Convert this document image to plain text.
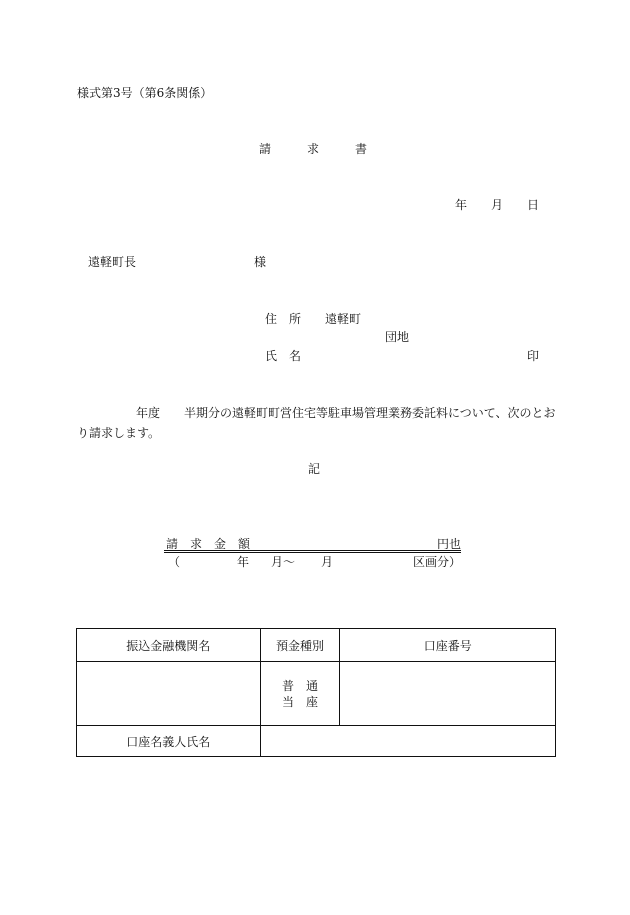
様式第3号（第6条関係）
請　　　求　　　書
年　　月　　日
遠軽町長	様
住　所 遠軽町
団地
氏　名	印
年度　　半期分の遠軽町町営住宅等駐車場管理業務委託料について、次のとお
り請求します。
記
請　求　金　額	円也
（	年 月〜 月	区画分）
振込金融機関名	預金種別	口座番号
	普　通
当　座	
口座名義人氏名		
